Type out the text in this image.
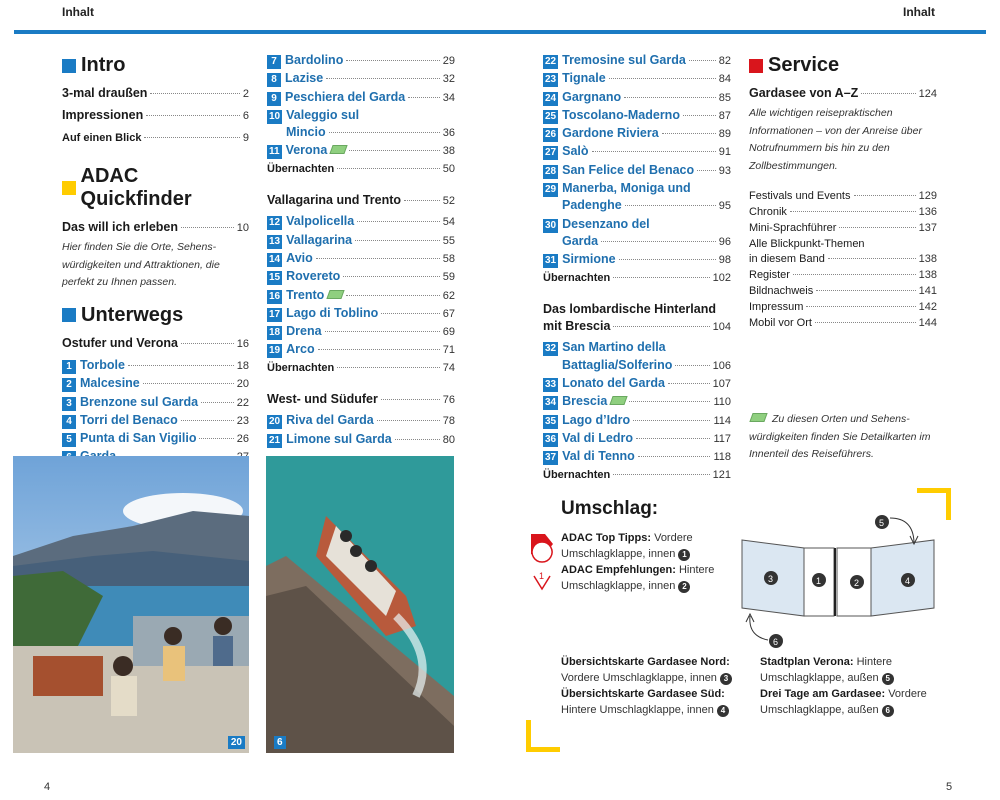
Inhalt	Inhalt
Intro
3-mal draußen	2
Impressionen	6
Auf einen Blick	9
ADAC Quickfinder
Das will ich erleben	10
Hier finden Sie die Orte, Sehenswürdigkeiten und Attraktionen, die perfekt zu Ihnen passen.
Unterwegs
Ostufer und Verona	16
1 Torbole	18
2 Malcesine	20
3 Brenzone sul Garda	22
4 Torri del Benaco	23
5 Punta di San Vigilio	26
7 Bardolino	29
8 Lazise	32
9 Peschiera del Garda	34
10 Valeggio sul
Mincio	36
11 Verona	38
Übernachten	50
Vallagarina und Trento	52
12 Valpolicella	54
13 Vallagarina	55
14 Avio	58
15 Rovereto	59
16 Trento	62
17 Lago di Toblino	67
18 Drena	69
19 Arco	71
Übernachten	74
West- und Südufer	76
20 Riva del Garda	78
21 Limone sul Garda	80
22 Tremosine sul Garda	82
23 Tignale	84
24 Gargnano	85
25 Toscolano-Maderno	87
26 Gardone Riviera	89
27 Salò	91
28 San Felice del Benaco 93
29 Manerba, Moniga und
Padenghe	95
30 Desenzano del
Garda	96
31 Sirmione	98
Übernachten	102
Das lombardische Hinterland
mit Brescia	104
32 San Martino della
Battaglia/Solferino	106
33 Lonato del Garda	107
34 Brescia	110
35 Lago d’Idro	114
36 Val di Ledro	117
37 Val di Tenno	118
Übernachten	121
Service
Gardasee von A–Z	124
Alle wichtigen reisepraktischen Informationen – von der Anreise über Notrufnummern bis hin zu den Zollbestimmungen.
Festivals und Events	129
Chronik	136
Mini-Sprachführer	137
Alle Blickpunkt-Themen
in diesem Band	138
Register	138
Bildnachweis	141
Impressum	142
Mobil vor Ort	144
Zu diesen Orten und Sehenswürdigkeiten finden Sie Detailkarten im Innenteil des Reiseführers.
20	6
Umschlag:
1
ADAC Top Tipps: Vordere Umschlagklappe, innen 1
ADAC Empfehlungen: Hintere Umschlagklappe, innen 2
3	1	2	4
5
6
Übersichtskarte Gardasee Nord:
Vordere Umschlagklappe, innen 3
Übersichtskarte Gardasee Süd:
Hintere Umschlagklappe, innen 4
Stadtplan Verona: Hintere Umschlagklappe, außen 5
Drei Tage am Gardasee: Vordere Umschlagklappe, außen 6
4	5
